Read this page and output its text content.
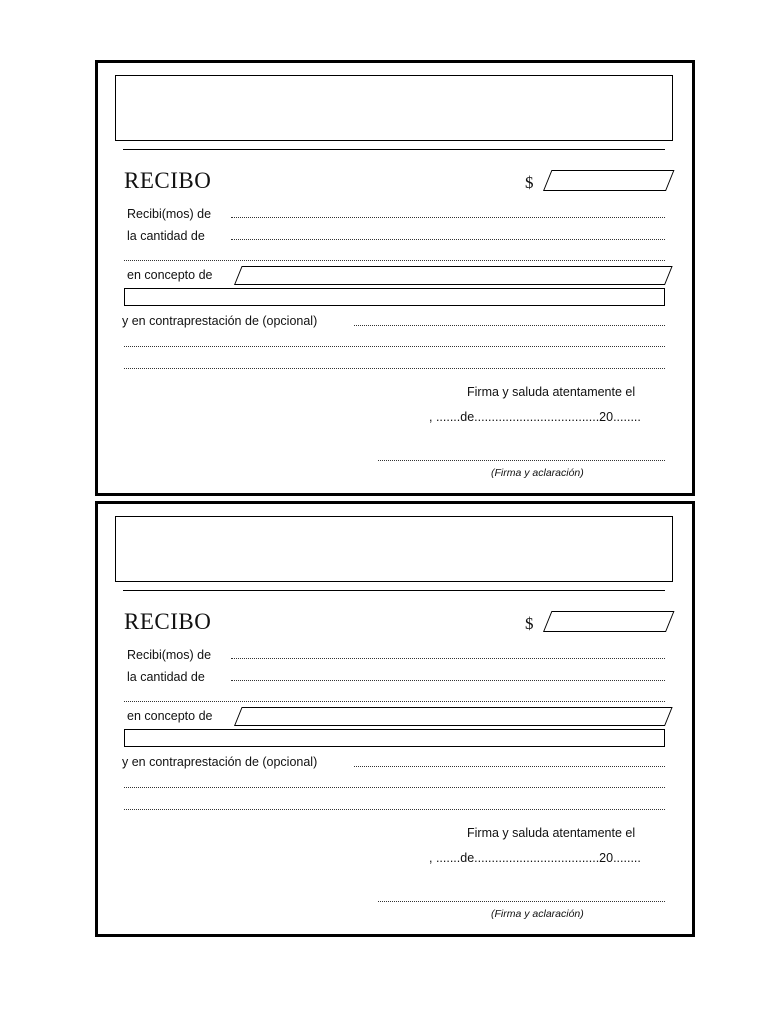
RECIBO	$
Recibi(mos) de
la cantidad de
en concepto de
y en contraprestación de (opcional)
Firma y saluda atentamente el
, .......de....................................20........
(Firma y aclaración)
RECIBO	$
Recibi(mos) de
la cantidad de
en concepto de
y en contraprestación de (opcional)
Firma y saluda atentamente el
, .......de....................................20........
(Firma y aclaración)
